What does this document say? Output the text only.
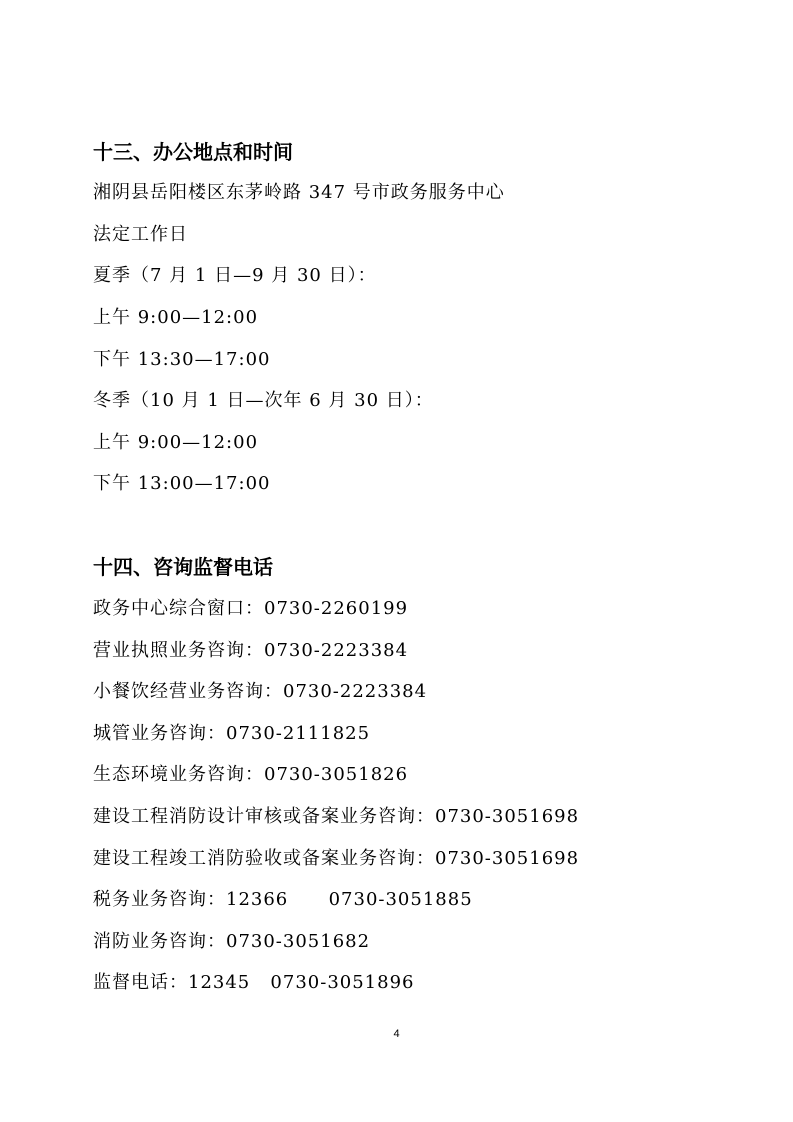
十三、办公地点和时间
湘阴县岳阳楼区东茅岭路 347 号市政务服务中心
法定工作日
夏季（7 月 1 日—9 月 30 日）：
上午 9:00—12:00
下午 13:30—17:00
冬季（10 月 1 日—次年 6 月 30 日）：
上午 9:00—12:00
下午 13:00—17:00
十四、咨询监督电话
政务中心综合窗口：0730-2260199
营业执照业务咨询：0730-2223384
小餐饮经营业务咨询：0730-2223384
城管业务咨询：0730-2111825
生态环境业务咨询：0730-3051826
建设工程消防设计审核或备案业务咨询：0730-3051698
建设工程竣工消防验收或备案业务咨询：0730-3051698
税务业务咨询：12366      0730-3051885
消防业务咨询：0730-3051682
监督电话：12345   0730-3051896
4
